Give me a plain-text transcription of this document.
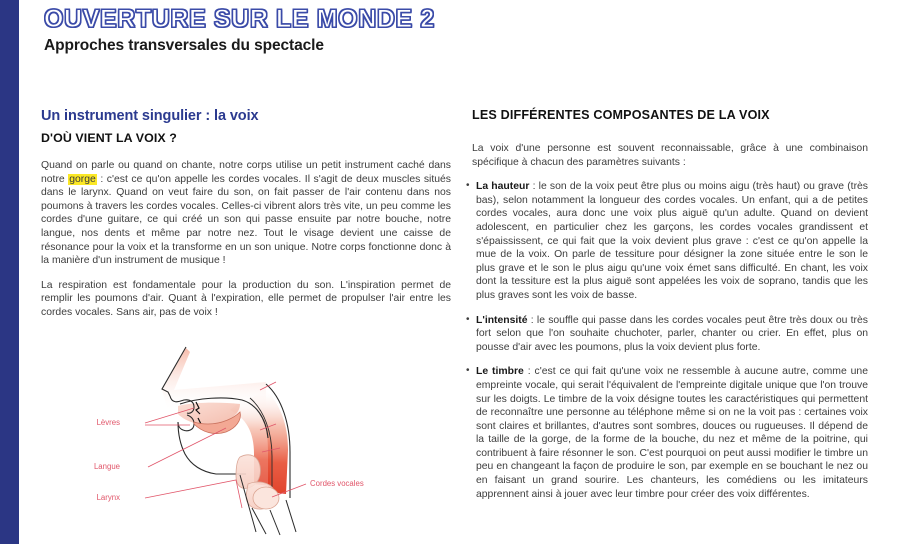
OUVERTURE SUR LE MONDE 2
Approches transversales du spectacle
Un instrument singulier : la voix
D'OÙ VIENT LA VOIX ?

Quand on parle ou quand on chante, notre corps utilise un petit instrument caché dans notre gorge : c'est ce qu'on appelle les cordes vocales. Il s'agit de deux muscles situés dans le larynx. Quand on veut faire du son, on fait passer de l'air contenu dans nos poumons à travers les cordes vocales. Celles-ci vibrent alors très vite, un peu comme les cordes d'une guitare, ce qui créé un son qui passe ensuite par notre bouche, notre langue, nos dents et même par notre nez. Tout le visage devient une caisse de résonance pour la voix et la transforme en un son unique. Notre corps fonctionne donc à la manière d'un instrument de musique !

La respiration est fondamentale pour la production du son. L'inspiration permet de remplir les poumons d'air. Quant à l'expiration, elle permet de propulser l'air entre les cordes vocales. Sans air, pas de voix !

LES DIFFÉRENTES COMPOSANTES DE LA VOIX

La voix d'une personne est souvent reconnaissable, grâce à une combinaison spécifique à chacun des paramètres suivants :

• La hauteur : le son de la voix peut être plus ou moins aigu (très haut) ou grave (très bas), selon notamment la longueur des cordes vocales. Un enfant, qui a de petites cordes vocales, aura donc une voix plus aiguë qu'un adulte. Quand on devient adolescent, en particulier chez les garçons, les cordes vocales grandissent et s'épaississent, ce qui fait que la voix devient plus grave : c'est ce qu'on appelle la mue de la voix. On parle de tessiture pour désigner la zone située entre le son le plus grave et le son le plus aigu qu'une voix émet sans difficulté. En chant, les voix dont la tessiture est la plus aiguë sont appelées les voix de soprano, tandis que les plus graves sont les voix de basse.
• L'intensité : le souffle qui passe dans les cordes vocales peut être très doux ou très fort selon que l'on souhaite chuchoter, parler, chanter ou crier. En effet, plus on pousse d'air avec les poumons, plus la voix devient plus forte.
• Le timbre : c'est ce qui fait qu'une voix ne ressemble à aucune autre, comme une empreinte vocale, qui serait l'équivalent de l'empreinte digitale unique que l'on trouve sur les doigts. Le timbre de la voix désigne toutes les caractéristiques qui permettent de reconnaître une personne au téléphone même si on ne la voit pas : certaines voix sont claires et brillantes, d'autres sont sombres, douces ou rugueuses. Il dépend de la taille de la gorge, de la forme de la bouche, du nez et même de la poitrine, qui contribuent à faire résonner le son. C'est pourquoi on peut aussi modifier le timbre un peu en changeant la façon de produire le son, par exemple en se bouchant le nez ou en faisant un grand sourire. Les chanteurs, les comédiens ou les imitateurs apprennent ainsi à jouer avec leur timbre pour créer des voix différentes.
Lèvres
Langue
Larynx
Cordes vocales
